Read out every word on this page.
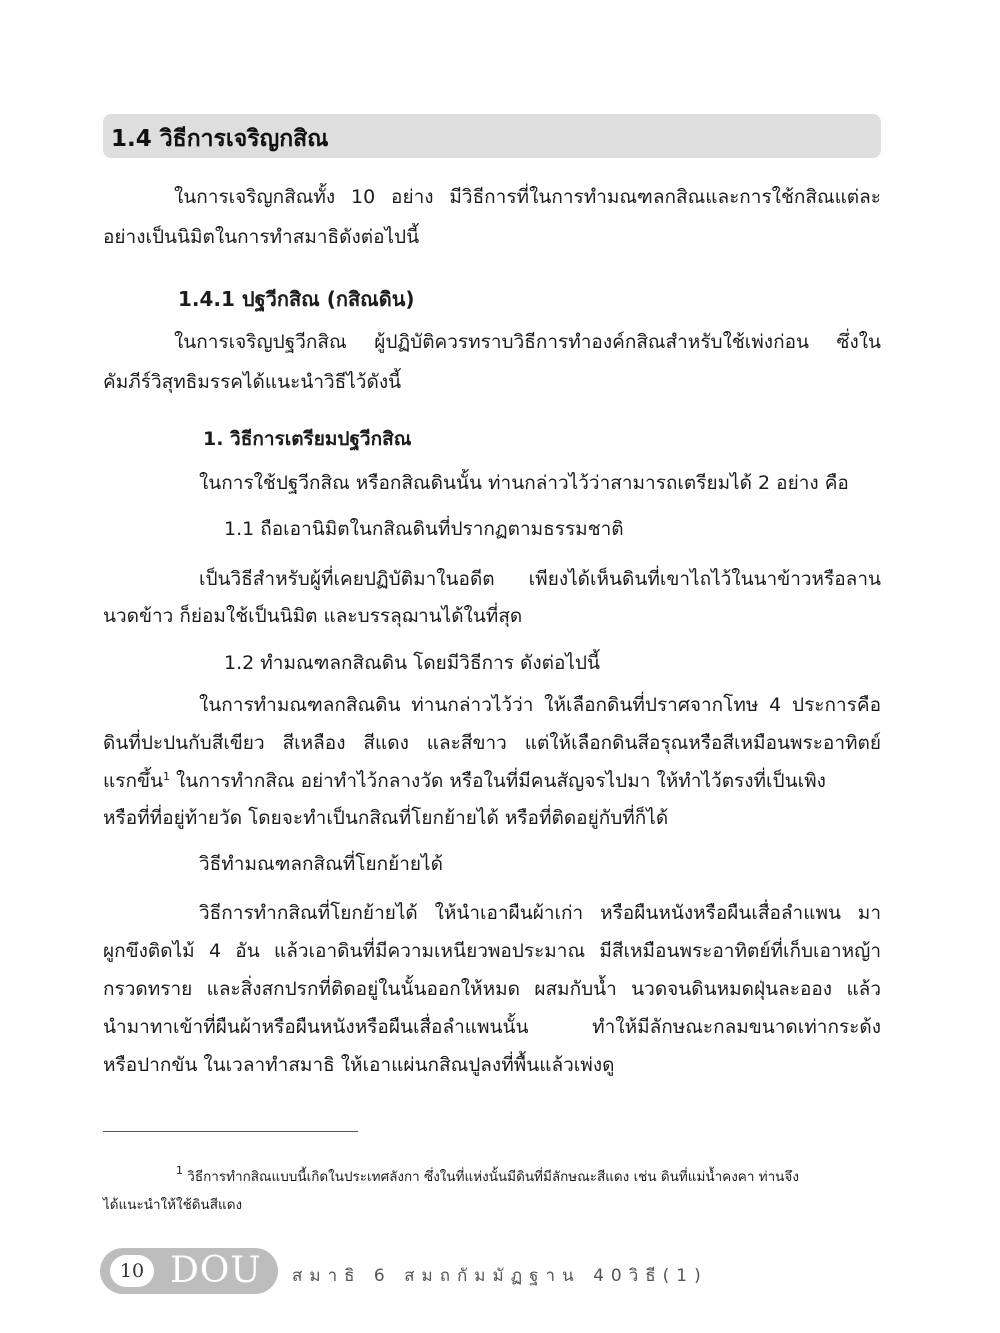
1.4 วิธีการเจริญกสิณ
ในการเจริญกสิณทั้ง 10 อย่าง มีวิธีการที่ในการทำมณฑลกสิณและการใช้กสิณแต่ละ
อย่างเป็นนิมิตในการทำสมาธิดังต่อไปนี้
1.4.1 ปฐวีกสิณ (กสิณดิน)
ในการเจริญปฐวีกสิณ ผู้ปฏิบัติควรทราบวิธีการทำองค์กสิณสำหรับใช้เพ่งก่อน ซึ่งใน
คัมภีร์วิสุทธิมรรคได้แนะนำวิธีไว้ดังนี้
1. วิธีการเตรียมปฐวีกสิณ
ในการใช้ปฐวีกสิณ หรือกสิณดินนั้น ท่านกล่าวไว้ว่าสามารถเตรียมได้ 2 อย่าง คือ
1.1 ถือเอานิมิตในกสิณดินที่ปรากฏตามธรรมชาติ
เป็นวิธีสำหรับผู้ที่เคยปฏิบัติมาในอดีต เพียงได้เห็นดินที่เขาไถไว้ในนาข้าวหรือลาน
นวดข้าว ก็ย่อมใช้เป็นนิมิต และบรรลุฌานได้ในที่สุด
1.2 ทำมณฑลกสิณดิน โดยมีวิธีการ ดังต่อไปนี้
ในการทำมณฑลกสิณดิน ท่านกล่าวไว้ว่า ให้เลือกดินที่ปราศจากโทษ 4 ประการคือ
ดินที่ปะปนกับสีเขียว สีเหลือง สีแดง และสีขาว แต่ให้เลือกดินสีอรุณหรือสีเหมือนพระอาทิตย์
แรกขึ้น$^1$ ในการทำกสิณ อย่าทำไว้กลางวัด หรือในที่มีคนสัญจรไปมา ให้ทำไว้ตรงที่เป็นเพิง
หรือที่ที่อยู่ท้ายวัด โดยจะทำเป็นกสิณที่โยกย้ายได้ หรือที่ติดอยู่กับที่ก็ได้
วิธีทำมณฑลกสิณที่โยกย้ายได้
วิธีการทำกสิณที่โยกย้ายได้ ให้นำเอาผืนผ้าเก่า หรือผืนหนังหรือผืนเสื่อลำแพน มา
ผูกขึงติดไม้ 4 อัน แล้วเอาดินที่มีความเหนียวพอประมาณ มีสีเหมือนพระอาทิตย์ที่เก็บเอาหญ้า
กรวดทราย และสิ่งสกปรกที่ติดอยู่ในนั้นออกให้หมด ผสมกับน้ำ นวดจนดินหมดฝุ่นละออง แล้ว
นำมาทาเข้าที่ผืนผ้าหรือผืนหนังหรือผืนเสื่อลำแพนนั้น ทำให้มีลักษณะกลมขนาดเท่ากระด้ง
หรือปากขัน ในเวลาทำสมาธิ ให้เอาแผ่นกสิณปูลงที่พื้นแล้วเพ่งดู
$^1$ วิธีการทำกสิณแบบนี้เกิดในประเทศลังกา ซึ่งในที่แห่งนั้นมีดินที่มีลักษณะสีแดง เช่น ดินที่แม่น้ำคงคา ท่านจึง
ได้แนะนำให้ใช้ดินสีแดง
10 DOU สมาธิ 6 สมถกัมมัฏฐาน 40วิธี(1)
